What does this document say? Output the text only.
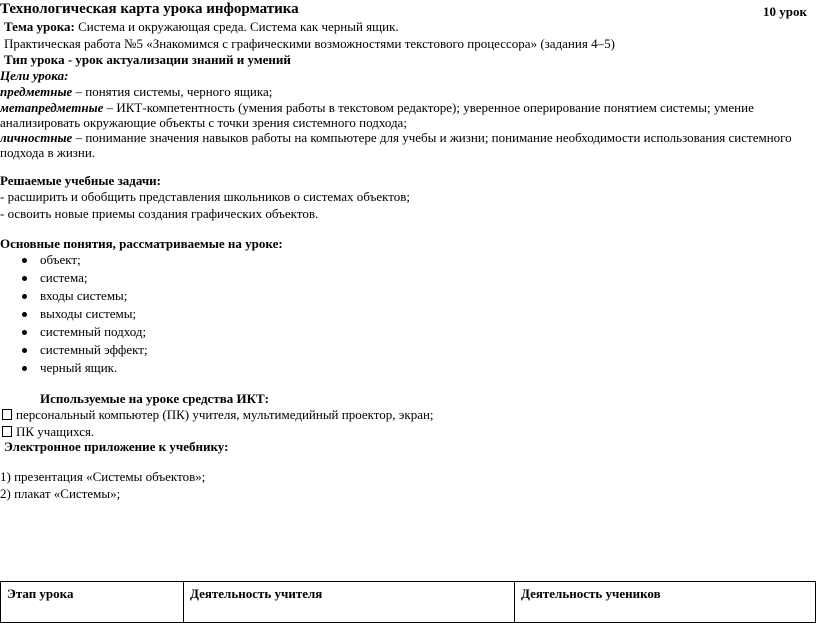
Технологическая карта урока информатика	10 урок
Тема урока: Система и окружающая среда. Система как черный ящик.
Практическая работа №5 «Знакомимся с графическими возможностями текстового процессора» (задания 4–5)
Тип урока - урок актуализации знаний и умений
Цели урока:
предметные – понятия системы, черного ящика;
метапредметные – ИКТ-компетентность (умения работы в текстовом редакторе); уверенное оперирование понятием системы; умение
анализировать окружающие объекты с точки зрения системного подхода;
личностные – понимание значения навыков работы на компьютере для учебы и жизни; понимание необходимости использования системного
подхода в жизни.
Решаемые учебные задачи:
- расширить и обобщить представления школьников о системах объектов;
- освоить новые приемы создания графических объектов.
Основные понятия, рассматриваемые на уроке:
объект;
система;
входы системы;
выходы системы;
системный подход;
системный эффект;
черный ящик.
Используемые на уроке средства ИКТ:
персональный компьютер (ПК) учителя, мультимедийный проектор, экран;
ПК учащихся.
Электронное приложение к учебнику:
1) презентация «Системы объектов»;
2) плакат «Системы»;
Этап урока	Деятельность учителя	Деятельность учеников
